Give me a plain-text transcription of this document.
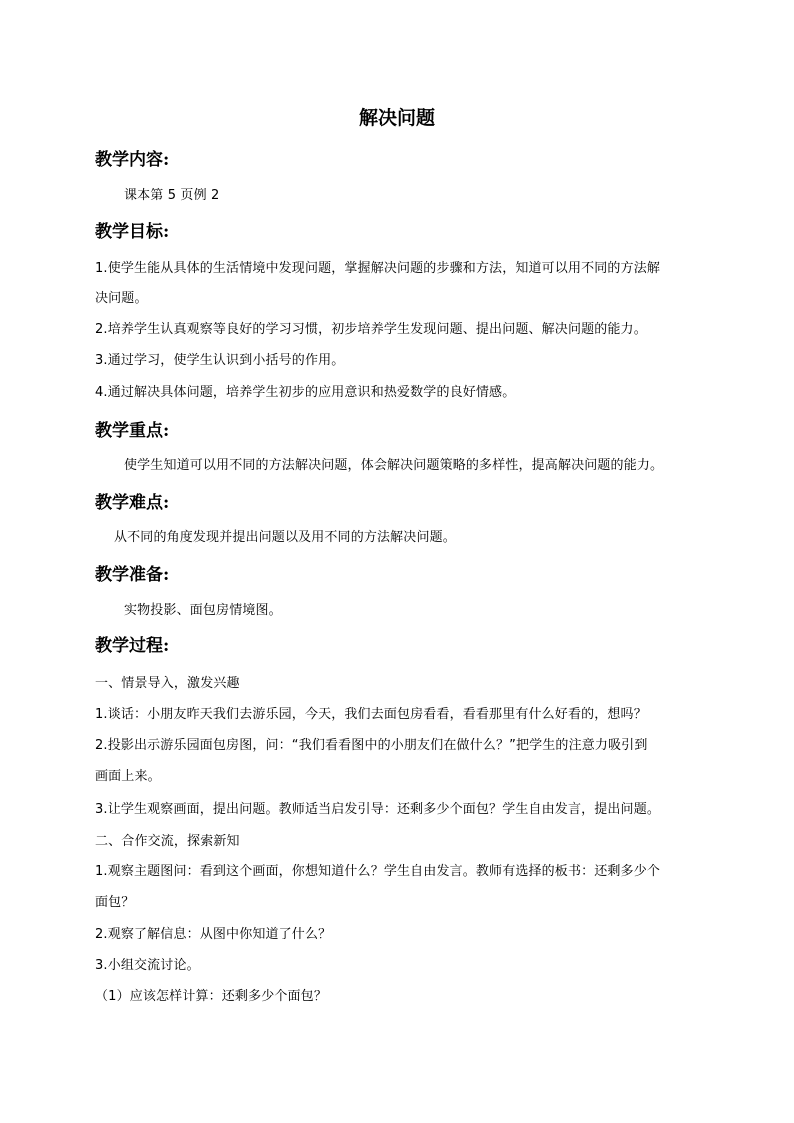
解决问题
教学内容:
课本第 5 页例 2
教学目标:
1.使学生能从具体的生活情境中发现问题，掌握解决问题的步骤和方法，知道可以用不同的方法解
决问题。
2.培养学生认真观察等良好的学习习惯，初步培养学生发现问题、提出问题、解决问题的能力。
3.通过学习，使学生认识到小括号的作用。
4.通过解决具体问题，培养学生初步的应用意识和热爱数学的良好情感。
教学重点:
使学生知道可以用不同的方法解决问题，体会解决问题策略的多样性，提高解决问题的能力。
教学难点:
从不同的角度发现并提出问题以及用不同的方法解决问题。
教学准备:
实物投影、面包房情境图。
教学过程:
一、情景导入，激发兴趣
1.谈话：小朋友昨天我们去游乐园，今天，我们去面包房看看，看看那里有什么好看的，想吗？
2.投影出示游乐园面包房图，问：“我们看看图中的小朋友们在做什么？”把学生的注意力吸引到
画面上来。
3.让学生观察画面，提出问题。教师适当启发引导：还剩多少个面包？学生自由发言，提出问题。
二、合作交流，探索新知
1.观察主题图问：看到这个画面，你想知道什么？学生自由发言。教师有选择的板书：还剩多少个
面包？
2.观察了解信息：从图中你知道了什么？
3.小组交流讨论。
（1）应该怎样计算：还剩多少个面包？
